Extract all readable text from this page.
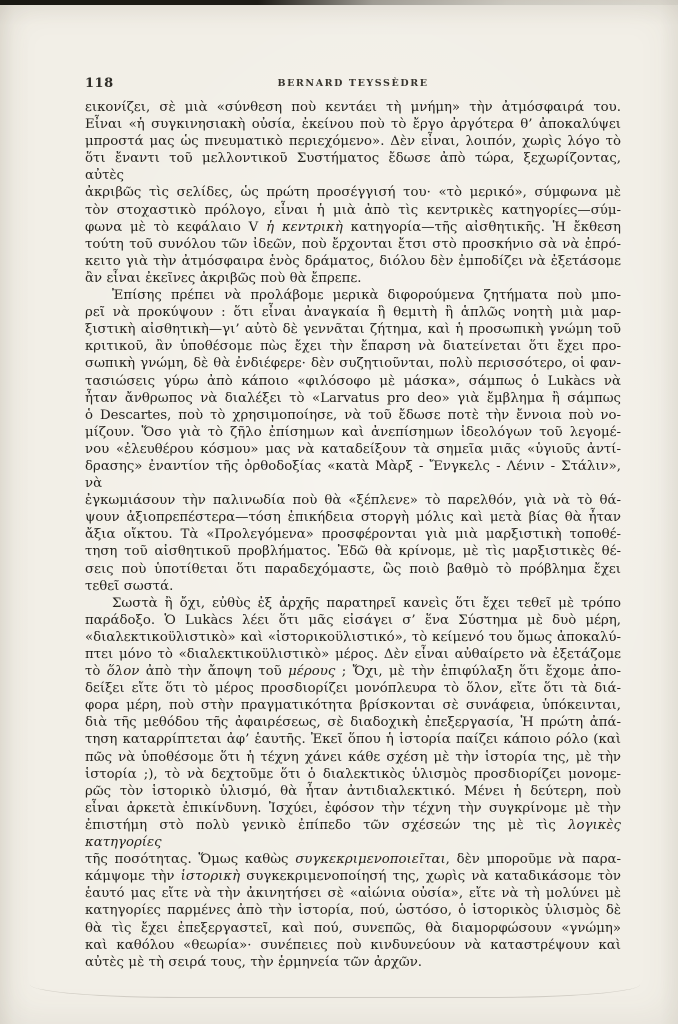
118	BERNARD TEYSSÈDRE
εικονίζει, σὲ μιὰ «σύνθεση ποὺ κεντάει τὴ μνήμη» τὴν ἀτμόσφαιρά του.
Εἶναι «ἡ συγκινησιακὴ οὐσία, ἐκείνου ποὺ τὸ ἔργο ἀργότερα θ’ ἀποκαλύψει
μπροστά μας ὡς πνευματικὸ περιεχόμενο». Δὲν εἶναι, λοιπόν, χωρὶς λόγο τὸ
ὅτι ἔναντι τοῦ μελλοντικοῦ Συστήματος ἔδωσε ἀπὸ τώρα, ξεχωρίζοντας, αὐτὲς
ἀκριβῶς τὶς σελίδες, ὡς πρώτη προσέγγισή του· «τὸ μερικό», σύμφωνα μὲ
τὸν στοχαστικὸ πρόλογο, εἶναι ἡ μιὰ ἀπὸ τὶς κεντρικὲς κατηγορίες—σύμ-
φωνα μὲ τὸ κεφάλαιο V ἡ κεντρικὴ κατηγορία—τῆς αἰσθητικῆς. Ἡ ἔκθεση
τούτη τοῦ συνόλου τῶν ἰδεῶν, ποὺ ἔρχονται ἔτσι στὸ προσκήνιο σὰ νὰ ἐπρό-
κειτο γιὰ τὴν ἀτμόσφαιρα ἑνὸς δράματος, διόλου δὲν ἐμποδίζει νὰ ἐξετάσομε
ἂν εἶναι ἐκεῖνες ἀκριβῶς ποὺ θὰ ἔπρεπε.
Ἐπίσης πρέπει νὰ προλάβομε μερικὰ διφορούμενα ζητήματα ποὺ μπο-
ρεῖ νὰ προκύψουν : ὅτι εἶναι ἀναγκαία ἢ θεμιτὴ ἢ ἁπλῶς νοητὴ μιὰ μαρ-
ξιστικὴ αἰσθητικὴ—γι’ αὐτὸ δὲ γεννᾶται ζήτημα, καὶ ἡ προσωπικὴ γνώμη τοῦ
κριτικοῦ, ἂν ὑποθέσομε πὼς ἔχει τὴν ἔπαρση νὰ διατείνεται ὅτι ἔχει προ-
σωπικὴ γνώμη, δὲ θὰ ἐνδιέφερε· δὲν συζητιοῦνται, πολὺ περισσότερο, οἱ φαν-
τασιώσεις γύρω ἀπὸ κάποιο «φιλόσοφο μὲ μάσκα», σάμπως ὁ Lukàcs νὰ
ἦταν ἄνθρωπος νὰ διαλέξει τὸ «Larvatus pro deo» γιὰ ἔμβλημα ἢ σάμπως
ὁ Descartes, ποὺ τὸ χρησιμοποίησε, νὰ τοῦ ἔδωσε ποτὲ τὴν ἔννοια ποὺ νο-
μίζουν. Ὅσο γιὰ τὸ ζῆλο ἐπίσημων καὶ ἀνεπίσημων ἰδεολόγων τοῦ λεγομέ-
νου «ἐλευθέρου κόσμου» μας νὰ καταδείξουν τὰ σημεῖα μιᾶς «ὑγιοῦς ἀντί-
δρασης» ἐναντίον τῆς ὀρθοδοξίας «κατὰ Μὰρξ - Ἔνγκελς - Λένιν - Στάλιν», νὰ
ἐγκωμιάσουν τὴν παλινωδία ποὺ θὰ «ξέπλενε» τὸ παρελθόν, γιὰ νὰ τὸ θά-
ψουν ἀξιοπρεπέστερα—τόση ἐπικήδεια στοργὴ μόλις καὶ μετὰ βίας θὰ ἦταν
ἄξια οἴκτου. Τὰ «Προλεγόμενα» προσφέρονται γιὰ μιὰ μαρξιστικὴ τοποθέ-
τηση τοῦ αἰσθητικοῦ προβλήματος. Ἐδῶ θὰ κρίνομε, μὲ τὶς μαρξιστικὲς θέ-
σεις ποὺ ὑποτίθεται ὅτι παραδεχόμαστε, ὣς ποιὸ βαθμὸ τὸ πρόβλημα ἔχει
τεθεῖ σωστά.
Σωστὰ ἢ ὄχι, εὐθὺς ἐξ ἀρχῆς παρατηρεῖ κανεὶς ὅτι ἔχει τεθεῖ μὲ τρόπο
παράδοξο. Ὁ Lukàcs λέει ὅτι μᾶς εἰσάγει σ’ ἕνα Σύστημα μὲ δυὸ μέρη,
«διαλεκτικοϋλιστικὸ» καὶ «ἱστορικοϋλιστικό», τὸ κείμενό του ὅμως ἀποκαλύ-
πτει μόνο τὸ «διαλεκτικοϋλιστικὸ» μέρος. Δὲν εἶναι αὐθαίρετο νὰ ἐξετάζομε
τὸ ὅλον ἀπὸ τὴν ἄποψη τοῦ μέρους ; Ὄχι, μὲ τὴν ἐπιφύλαξη ὅτι ἔχομε ἀπο-
δείξει εἴτε ὅτι τὸ μέρος προσδιορίζει μονόπλευρα τὸ ὅλον, εἴτε ὅτι τὰ διά-
φορα μέρη, ποὺ στὴν πραγματικότητα βρίσκονται σὲ συνάφεια, ὑπόκεινται,
διὰ τῆς μεθόδου τῆς ἀφαιρέσεως, σὲ διαδοχικὴ ἐπεξεργασία, Ἡ πρώτη ἀπά-
τηση καταρρίπτεται ἀφ’ ἑαυτῆς. Ἐκεῖ ὅπου ἡ ἱστορία παίζει κάποιο ρόλο (καὶ
πῶς νὰ ὑποθέσομε ὅτι ἡ τέχνη χάνει κάθε σχέση μὲ τὴν ἱστορία της, μὲ τὴν
ἱστορία ;), τὸ νὰ δεχτοῦμε ὅτι ὁ διαλεκτικὸς ὑλισμὸς προσδιορίζει μονομε-
ρῶς τὸν ἱστορικὸ ὑλισμό, θὰ ἦταν ἀντιδιαλεκτικό. Μένει ἡ δεύτερη, ποὺ
εἶναι ἀρκετὰ ἐπικίνδυνη. Ἰσχύει, ἐφόσον τὴν τέχνη τὴν συγκρίνομε μὲ τὴν
ἐπιστήμη στὸ πολὺ γενικὸ ἐπίπεδο τῶν σχέσεών της μὲ τὶς λογικὲς κατηγορίες
τῆς ποσότητας. Ὅμως καθὼς συγκεκριμενοποιεῖται, δὲν μποροῦμε νὰ παρα-
κάμψομε τὴν ἱστορικὴ συγκεκριμενοποίησή της, χωρὶς νὰ καταδικάσομε τὸν
ἑαυτό μας εἴτε νὰ τὴν ἀκινητήσει σὲ «αἰώνια οὐσία», εἴτε νὰ τὴ μολύνει μὲ
κατηγορίες παρμένες ἀπὸ τὴν ἱστορία, πού, ὡστόσο, ὁ ἱστορικὸς ὑλισμὸς δὲ
θὰ τὶς ἔχει ἐπεξεργαστεῖ, καὶ πού, συνεπῶς, θὰ διαμορφώσουν «γνώμη»
καὶ καθόλου «θεωρία»· συνέπειες ποὺ κινδυνεύουν νὰ καταστρέψουν καὶ
αὐτὲς μὲ τὴ σειρά τους, τὴν ἑρμηνεία τῶν ἀρχῶν.
